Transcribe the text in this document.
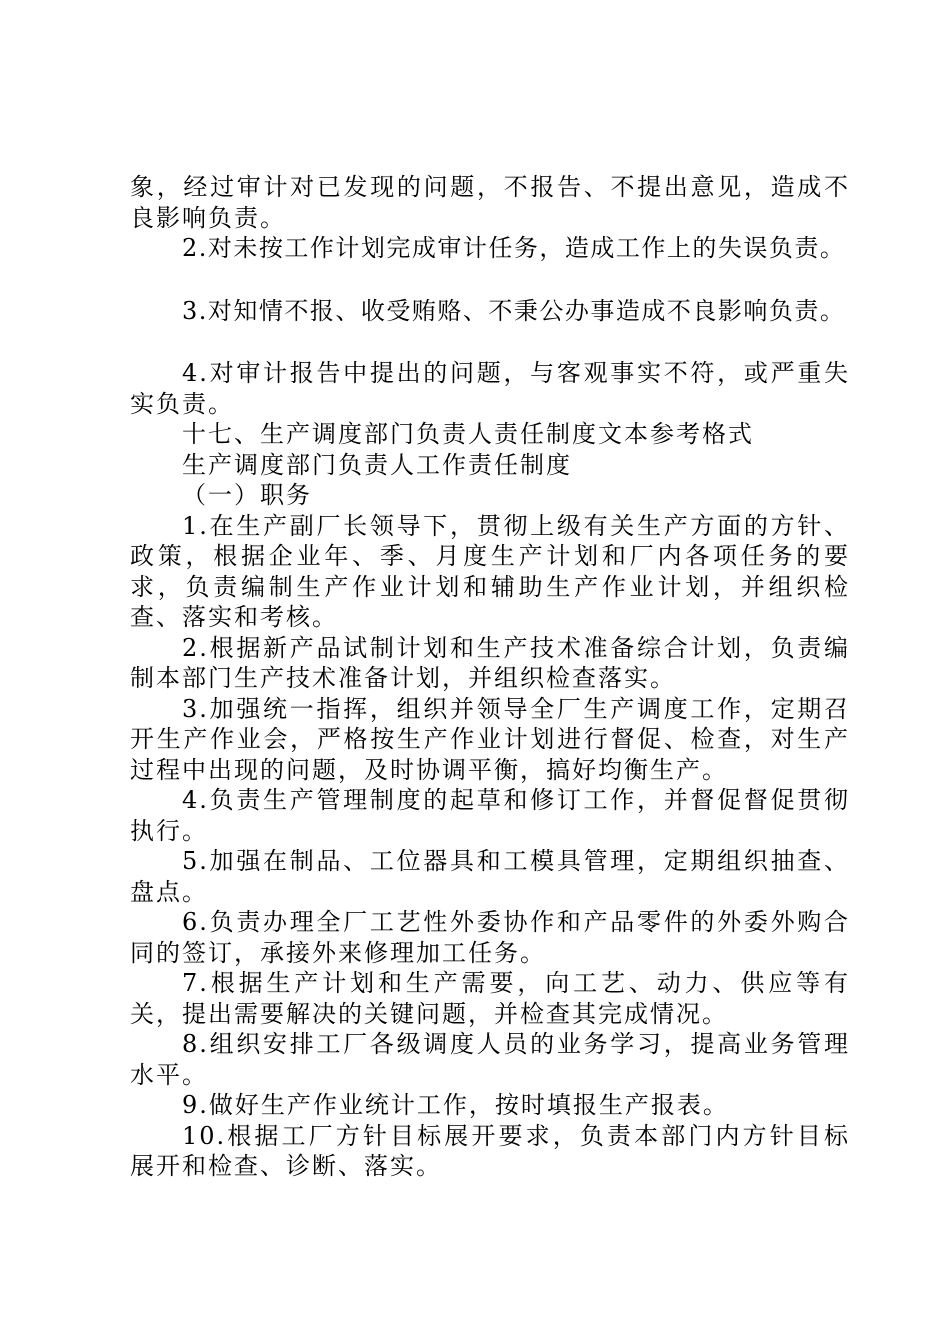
象，经过审计对已发现的问题，不报告、不提出意见，造成不良影响负责。

2.对未按工作计划完成审计任务，造成工作上的失误负责。

3.对知情不报、收受贿赂、不秉公办事造成不良影响负责。

4.对审计报告中提出的问题，与客观事实不符，或严重失实负责。

十七、生产调度部门负责人责任制度文本参考格式

生产调度部门负责人工作责任制度

（一）职务

1.在生产副厂长领导下，贯彻上级有关生产方面的方针、政策，根据企业年、季、月度生产计划和厂内各项任务的要求，负责编制生产作业计划和辅助生产作业计划，并组织检查、落实和考核。

2.根据新产品试制计划和生产技术准备综合计划，负责编制本部门生产技术准备计划，并组织检查落实。

3.加强统一指挥，组织并领导全厂生产调度工作，定期召开生产作业会，严格按生产作业计划进行督促、检查，对生产过程中出现的问题，及时协调平衡，搞好均衡生产。

4.负责生产管理制度的起草和修订工作，并督促督促贯彻执行。

5.加强在制品、工位器具和工模具管理，定期组织抽查、盘点。

6.负责办理全厂工艺性外委协作和产品零件的外委外购合同的签订，承接外来修理加工任务。

7.根据生产计划和生产需要，向工艺、动力、供应等有关，提出需要解决的关键问题，并检查其完成情况。

8.组织安排工厂各级调度人员的业务学习，提高业务管理水平。

9.做好生产作业统计工作，按时填报生产报表。

10.根据工厂方针目标展开要求，负责本部门内方针目标展开和检查、诊断、落实。
